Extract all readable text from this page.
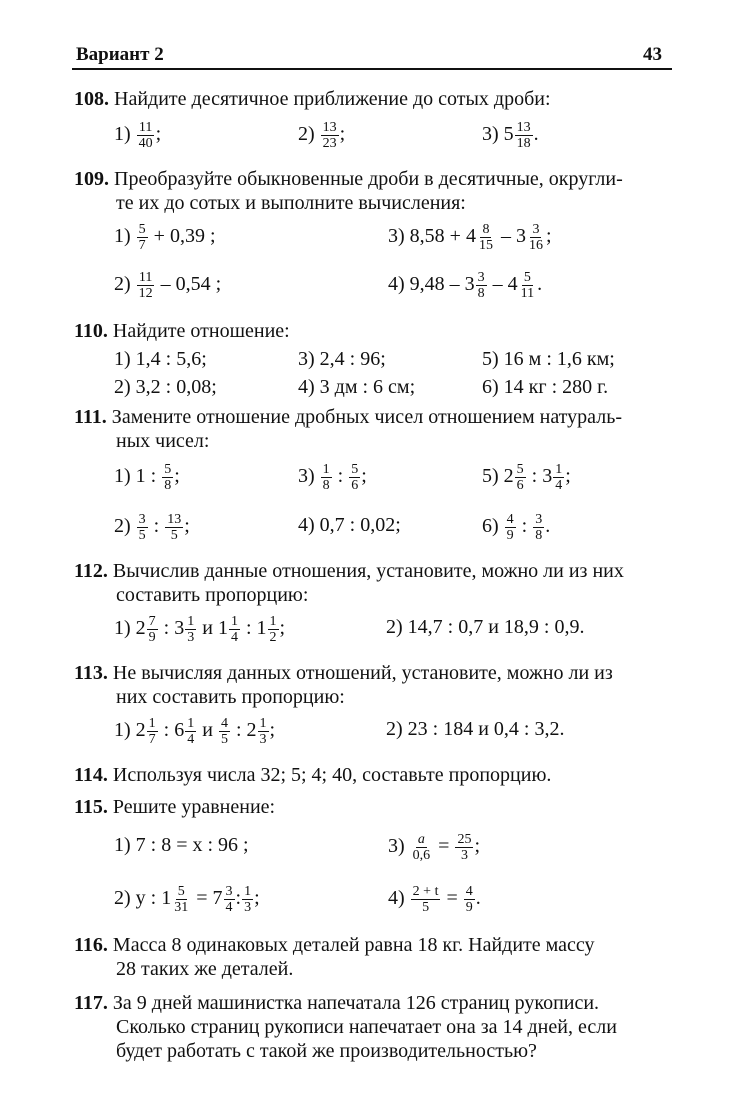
Вариант 2	43
108. Найдите десятичное приближение до сотых дроби:
$1) \frac{11}{40}$ ;	$2) \frac{13}{23}$ ;	3) $5 \frac{13}{18}$ .
109. Преобразуйте обыкновенные дроби в десятичные, округли-
те их до сотых и выполните вычисления:
$1) \frac{5}{7} + 0,39$ ;	3) $8,58 + 4 \frac{8}{15} - 3 \frac{3}{16}$ ;
$2) \frac{11}{12} - 0,54$ ;	4) $9,48 - 3 \frac{3}{8} - 4 \frac{5}{11}$ .
110. Найдите отношение:
1) 1,4 : 5,6;	3) 2,4 : 96;	5) 16 м : 1,6 км;
2) 3,2 : 0,08;	4) 3 дм : 6 см;	6) 14 кг : 280 г.
111. Замените отношение дробных чисел отношением натураль-
ных чисел:
1) 1 : $\frac{5}{8}$ ;	$3) \frac{1}{8}$ : $\frac{5}{6}$ ;	5) $2 \frac{5}{6}$ : $3 \frac{1}{4}$ ;
$2) \frac{3}{5}$ : $\frac{13}{5}$ ;	4) 0,7 : 0,02;	$6) \frac{4}{9}$ : $\frac{3}{8}$ .
112. Вычислив данные отношения, установите, можно ли из них
составить пропорцию:
1) $2 \frac{7}{9}$ : $3 \frac{1}{3}$ и $1 \frac{1}{4}$ : $1 \frac{1}{2}$ ;	2) 14,7 : 0,7 и 18,9 : 0,9.
113. Не вычисляя данных отношений, установите, можно ли из
них составить пропорцию:
1) $2 \frac{1}{7}$ : $6 \frac{1}{4}$ и $\frac{4}{5}$ : $2 \frac{1}{3}$ ;	2) 23 : 184 и 0,4 : 3,2.
114. Используя числа 32; 5; 4; 40, составьте пропорцию.
115. Решите уравнение:
1) 7 : 8 = x : 96 ;	$3) \frac{a}{0,6} = \frac{25}{3}$ ;
2) y : $1 \frac{5}{31} = 7 \frac{3}{4}$ : $\frac{1}{3}$ ;	$4) \frac{2 + t}{5} = \frac{4}{9}$ .
116. Масса 8 одинаковых деталей равна 18 кг. Найдите массу
28 таких же деталей.
117. За 9 дней машинистка напечатала 126 страниц рукописи.
Сколько страниц рукописи напечатает она за 14 дней, если
будет работать с такой же производительностью?
